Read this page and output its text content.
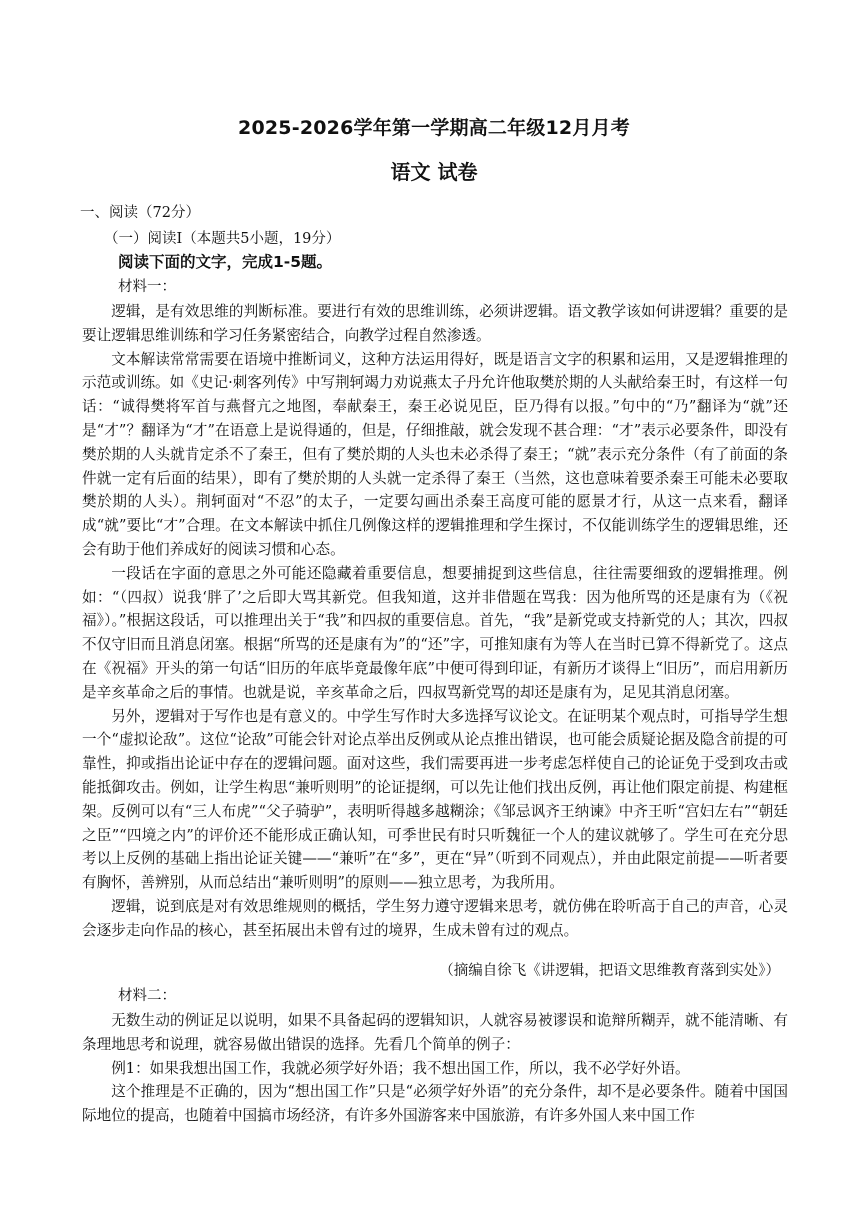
2025-2026学年第一学期高二年级12月月考
语文 试卷
一、阅读（72分）
（一）阅读Ⅰ（本题共5小题，19分）
阅读下面的文字，完成1-5题。
材料一：

逻辑，是有效思维的判断标准。要进行有效的思维训练，必须讲逻辑。语文教学该如何讲逻辑？重要的是要让逻辑思维训练和学习任务紧密结合，向教学过程自然渗透。

文本解读常常需要在语境中推断词义，这种方法运用得好，既是语言文字的积累和运用，又是逻辑推理的示范或训练。如《史记·刺客列传》中写荆轲竭力劝说燕太子丹允许他取樊於期的人头献给秦王时，有这样一句话：“诚得樊将军首与燕督亢之地图，奉献秦王，秦王必说见臣，臣乃得有以报。”句中的“乃”翻译为“就”还是“才”？翻译为“才”在语意上是说得通的，但是，仔细推敲，就会发现不甚合理：“才”表示必要条件，即没有樊於期的人头就肯定杀不了秦王，但有了樊於期的人头也未必杀得了秦王；“就”表示充分条件（有了前面的条件就一定有后面的结果），即有了樊於期的人头就一定杀得了秦王（当然，这也意味着要杀秦王可能未必要取樊於期的人头）。荆轲面对“不忍”的太子，一定要勾画出杀秦王高度可能的愿景才行，从这一点来看，翻译成“就”要比“才”合理。在文本解读中抓住几例像这样的逻辑推理和学生探讨，不仅能训练学生的逻辑思维，还会有助于他们养成好的阅读习惯和心态。

一段话在字面的意思之外可能还隐藏着重要信息，想要捕捉到这些信息，往往需要细致的逻辑推理。例如：“（四叔）说我‘胖了’之后即大骂其新党。但我知道，这并非借题在骂我：因为他所骂的还是康有为（《祝福》）。”根据这段话，可以推理出关于“我”和四叔的重要信息。首先，“我”是新党或支持新党的人；其次，四叔不仅守旧而且消息闭塞。根据“所骂的还是康有为”的“还”字，可推知康有为等人在当时已算不得新党了。这点在《祝福》开头的第一句话“旧历的年底毕竟最像年底”中便可得到印证，有新历才谈得上“旧历”，而启用新历是辛亥革命之后的事情。也就是说，辛亥革命之后，四叔骂新党骂的却还是康有为，足见其消息闭塞。

另外，逻辑对于写作也是有意义的。中学生写作时大多选择写议论文。在证明某个观点时，可指导学生想一个“虚拟论敌”。这位“论敌”可能会针对论点举出反例或从论点推出错误，也可能会质疑论据及隐含前提的可靠性，抑或指出论证中存在的逻辑问题。面对这些，我们需要再进一步考虑怎样使自己的论证免于受到攻击或能抵御攻击。例如，让学生构思“兼听则明”的论证提纲，可以先让他们找出反例，再让他们限定前提、构建框架。反例可以有“三人布虎”“父子骑驴”，表明听得越多越糊涂；《邹忌讽齐王纳谏》中齐王听“宫妇左右”“朝廷之臣”“四境之内”的评价还不能形成正确认知，可季世民有时只听魏征一个人的建议就够了。学生可在充分思考以上反例的基础上指出论证关键——“兼听”在“多”，更在“异”（听到不同观点），并由此限定前提——听者要有胸怀，善辨别，从而总结出“兼听则明”的原则——独立思考，为我所用。

逻辑，说到底是对有效思维规则的概括，学生努力遵守逻辑来思考，就仿佛在聆听高于自己的声音，心灵会逐步走向作品的核心，甚至拓展出未曾有过的境界，生成未曾有过的观点。

（摘编自徐飞《讲逻辑，把语文思维教育落到实处》）
材料二：

无数生动的例证足以说明，如果不具备起码的逻辑知识，人就容易被谬误和诡辩所糊弄，就不能清晰、有条理地思考和说理，就容易做出错误的选择。先看几个简单的例子：

例1：如果我想出国工作，我就必须学好外语；我不想出国工作，所以，我不必学好外语。

这个推理是不正确的，因为“想出国工作”只是“必须学好外语”的充分条件，却不是必要条件。随着中国国际地位的提高，也随着中国搞市场经济，有许多外国游客来中国旅游，有许多外国人来中国工作
